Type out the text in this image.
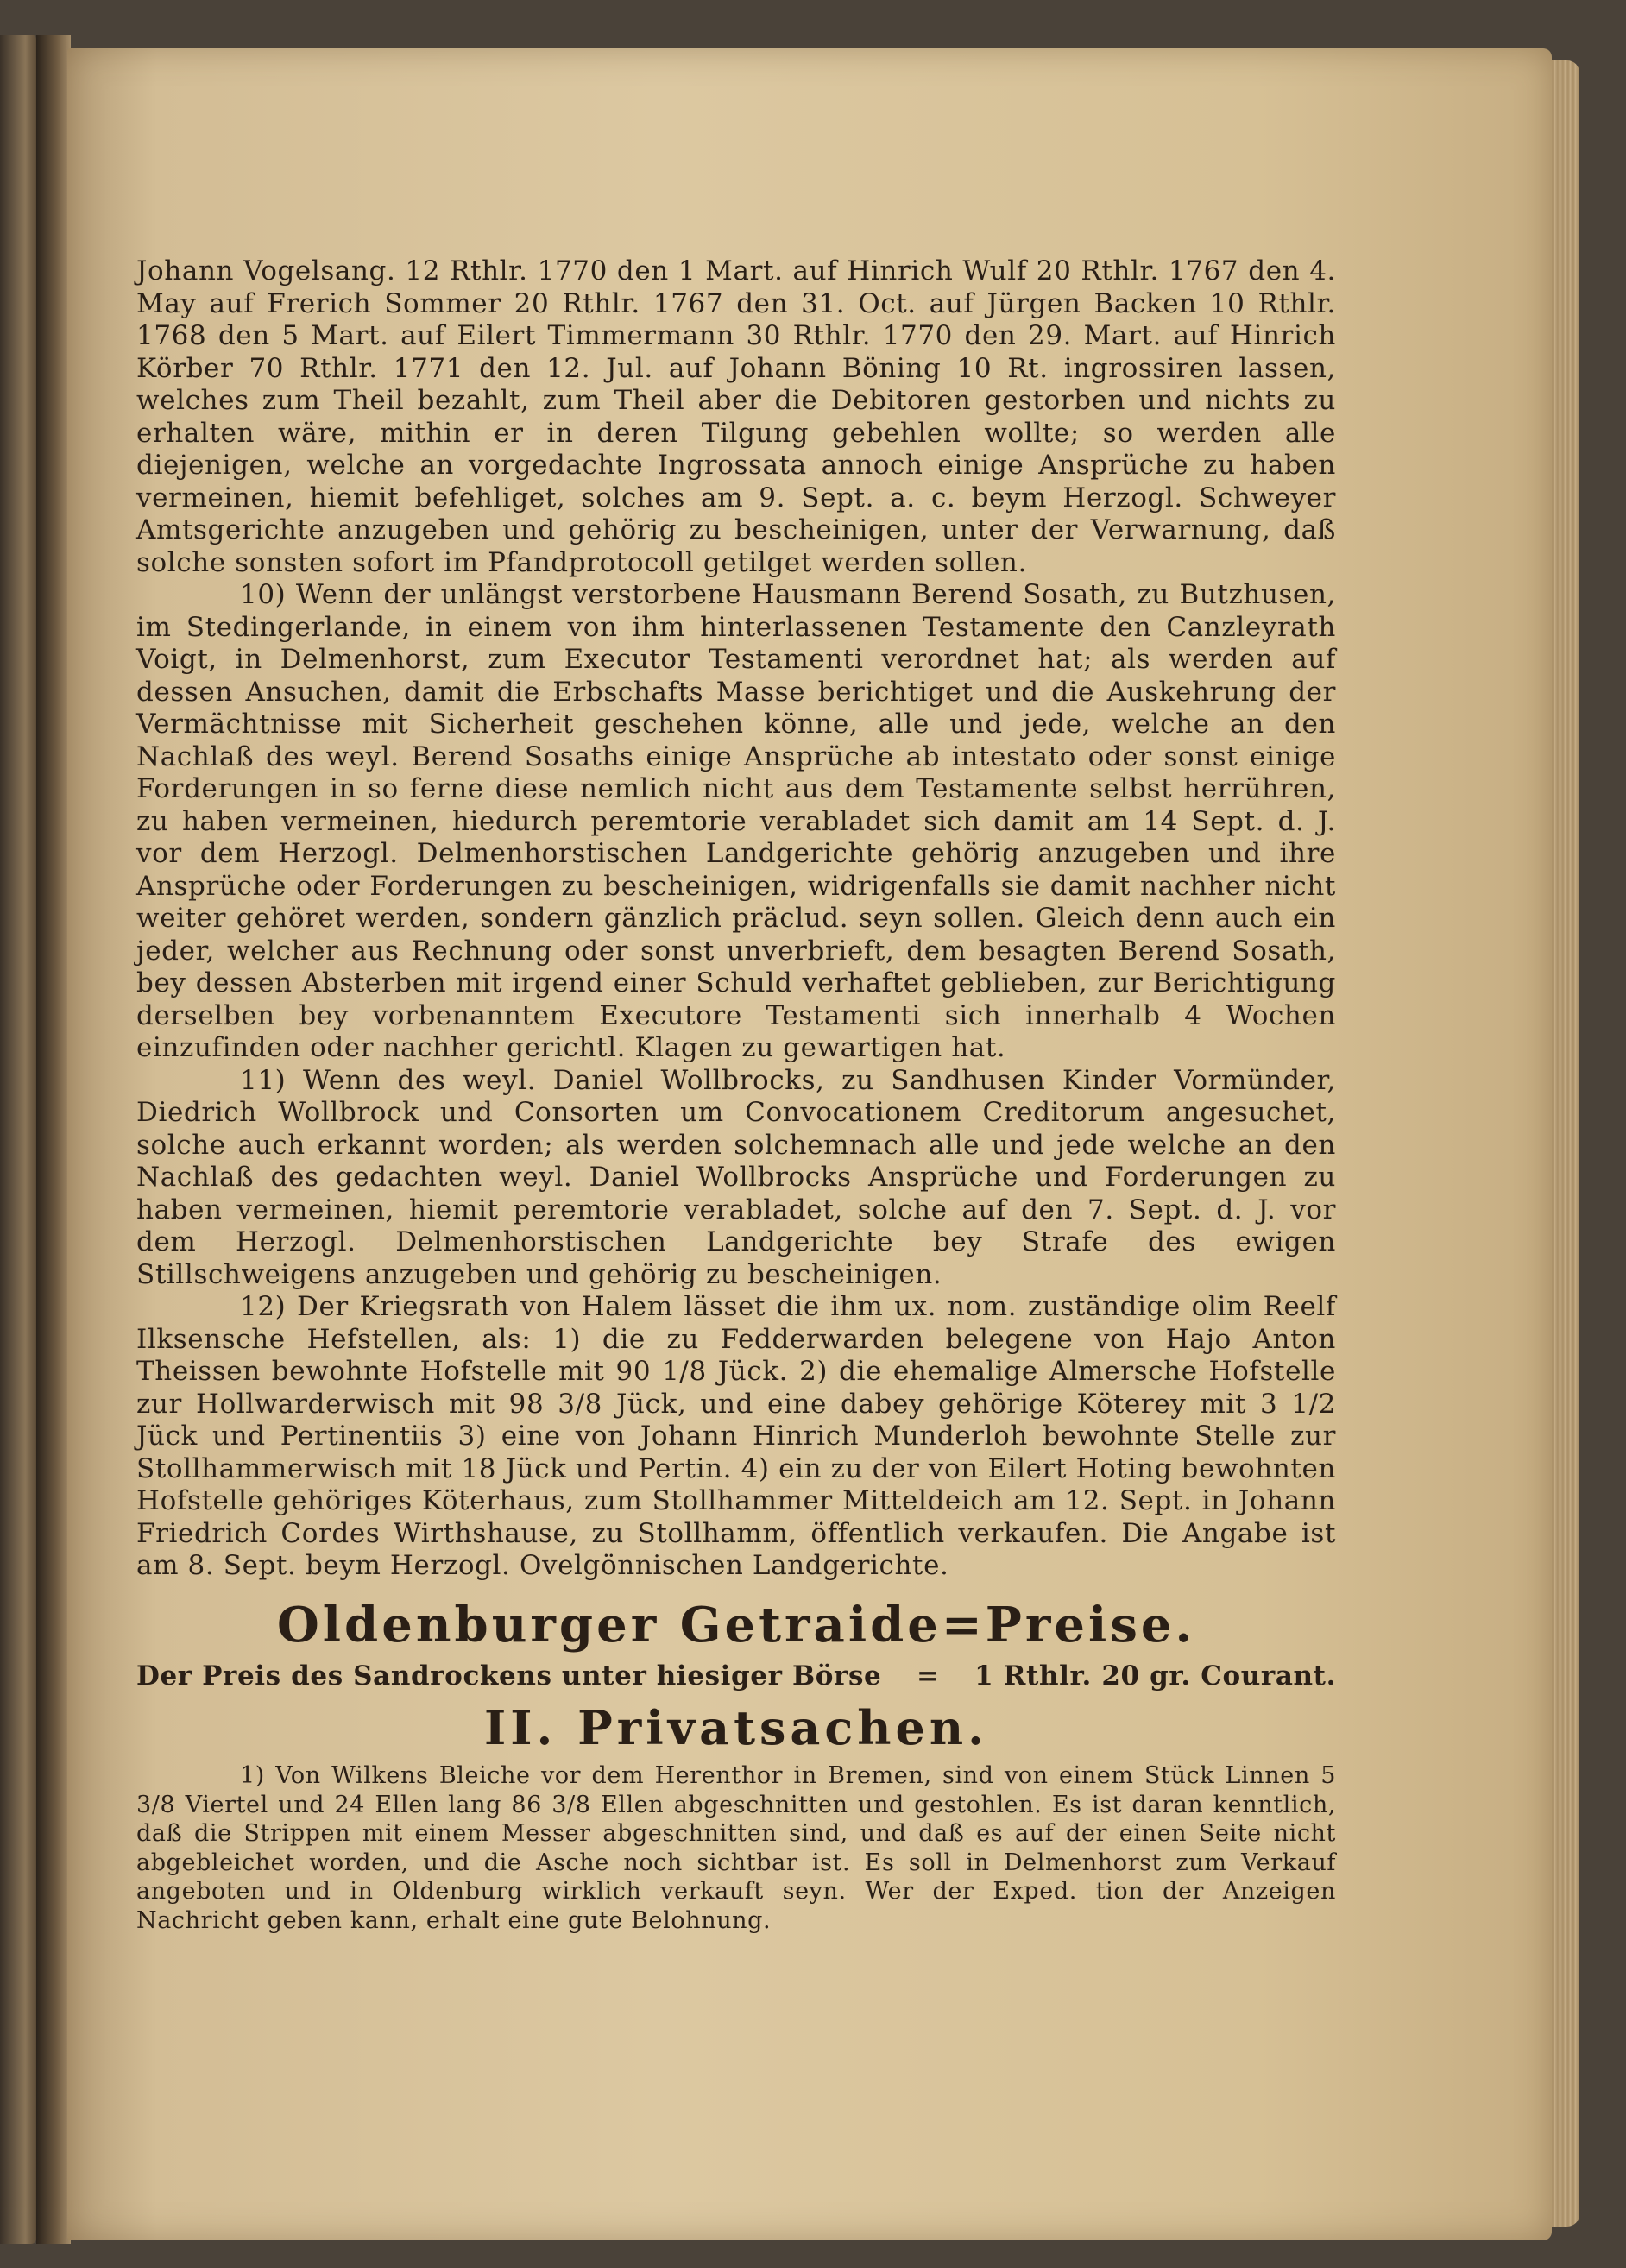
Johann Vogelsang. 12 Rthlr. 1770 den 1 Mart. auf Hinrich Wulf 20 Rthlr. 1767 den 4. May auf Frerich Sommer 20 Rthlr. 1767 den 31. Oct. auf Jürgen Backen 10 Rthlr. 1768 den 5 Mart. auf Eilert Timmermann 30 Rthlr. 1770 den 29. Mart. auf Hinrich Körber 70 Rthlr. 1771 den 12. Jul. auf Johann Böning 10 Rt. ingrossiren lassen, welches zum Theil bezahlt, zum Theil aber die Debitoren gestorben und nichts zu erhalten wäre, mithin er in deren Tilgung gebehlen wollte; so werden alle diejenigen, welche an vorgedachte Ingrossata annoch einige Ansprüche zu haben vermeinen, hiemit befehliget, solches am 9. Sept. a. c. beym Herzogl. Schweyer Amtsgerichte anzugeben und gehörig zu bescheinigen, unter der Verwarnung, daß solche sonsten sofort im Pfandprotocoll getilget werden sollen.

10) Wenn der unlängst verstorbene Hausmann Berend Sosath, zu Butzhusen, im Stedingerlande, in einem von ihm hinterlassenen Testamente den Canzleyrath Voigt, in Delmenhorst, zum Executor Testamenti verordnet hat; als werden auf dessen Ansuchen, damit die Erbschafts Masse berichtiget und die Auskehrung der Vermächtnisse mit Sicherheit geschehen könne, alle und jede, welche an den Nachlaß des weyl. Berend Sosaths einige Ansprüche ab intestato oder sonst einige Forderungen in so ferne diese nemlich nicht aus dem Testamente selbst herrühren, zu haben vermeinen, hiedurch peremtorie verabladet sich damit am 14 Sept. d. J. vor dem Herzogl. Delmenhorstischen Landgerichte gehörig anzugeben und ihre Ansprüche oder Forderungen zu bescheinigen, widrigenfalls sie damit nachher nicht weiter gehöret werden, sondern gänzlich präclud. seyn sollen. Gleich denn auch ein jeder, welcher aus Rechnung oder sonst unverbrieft, dem besagten Berend Sosath, bey dessen Absterben mit irgend einer Schuld verhaftet geblieben, zur Berichtigung derselben bey vorbenanntem Executore Testamenti sich innerhalb 4 Wochen einzufinden oder nachher gerichtl. Klagen zu gewartigen hat.

11) Wenn des weyl. Daniel Wollbrocks, zu Sandhusen Kinder Vormünder, Diedrich Wollbrock und Consorten um Convocationem Creditorum angesuchet, solche auch erkannt worden; als werden solchemnach alle und jede welche an den Nachlaß des gedachten weyl. Daniel Wollbrocks Ansprüche und Forderungen zu haben vermeinen, hiemit peremtorie verabladet, solche auf den 7. Sept. d. J. vor dem Herzogl. Delmenhorstischen Landgerichte bey Strafe des ewigen Stillschweigens anzugeben und gehörig zu bescheinigen.

12) Der Kriegsrath von Halem lässet die ihm ux. nom. zuständige olim Reelf Ilksensche Hefstellen, als: 1) die zu Fedderwarden belegene von Hajo Anton Theissen bewohnte Hofstelle mit 90 1/8 Jück. 2) die ehemalige Almersche Hofstelle zur Hollwarderwisch mit 98 3/8 Jück, und eine dabey gehörige Köterey mit 3 1/2 Jück und Pertinentiis 3) eine von Johann Hinrich Munderloh bewohnte Stelle zur Stollhammerwisch mit 18 Jück und Pertin. 4) ein zu der von Eilert Hoting bewohnten Hofstelle gehöriges Köterhaus, zum Stollhammer Mitteldeich am 12. Sept. in Johann Friedrich Cordes Wirthshause, zu Stollhamm, öffentlich verkaufen. Die Angabe ist am 8. Sept. beym Herzogl. Ovelgönnischen Landgerichte.

Oldenburger Getraide=Preise.
Der Preis des Sandrockens unter hiesiger Börse = 1 Rthlr. 20 gr. Courant.
II. Privatsachen.

1) Von Wilkens Bleiche vor dem Herenthor in Bremen, sind von einem Stück Linnen 5 3/8 Viertel und 24 Ellen lang 86 3/8 Ellen abgeschnitten und gestohlen. Es ist daran kenntlich, daß die Strippen mit einem Messer abgeschnitten sind, und daß es auf der einen Seite nicht abgebleichet worden, und die Asche noch sichtbar ist. Es soll in Delmenhorst zum Verkauf angeboten und in Oldenburg wirklich verkauft seyn. Wer der Exped. tion der Anzeigen Nachricht geben kann, erhalt eine gute Belohnung.
